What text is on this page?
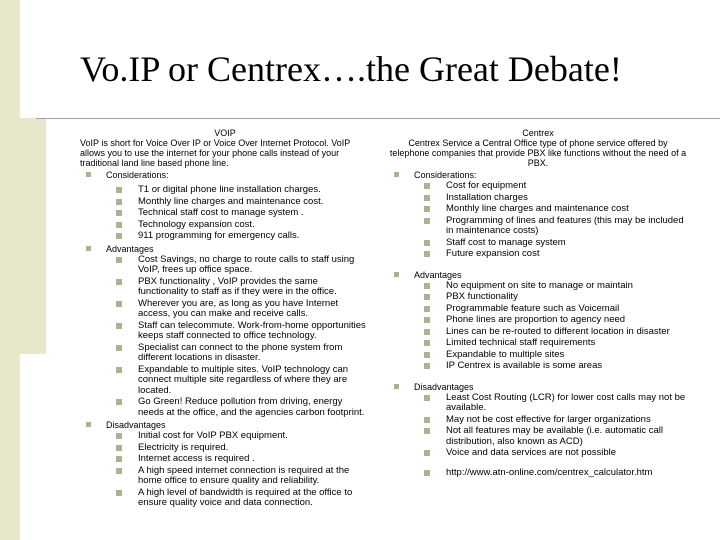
Vo.IP or Centrex….the Great Debate!
VOIP
VoIP is short for Voice Over IP or Voice Over Internet Protocol. VoIP allows you to use the internet for your phone calls instead of your traditional land line based phone line.
Considerations:
T1 or digital phone line installation charges.
Monthly line charges and maintenance cost.
Technical staff cost to manage system .
Technology expansion cost.
911 programming for emergency calls.
Advantages
Cost Savings, no charge to route calls to staff using VoIP, frees up office space.
PBX functionality , VoIP provides the same functionality to staff as if they were in the office.
Wherever you are, as long as you have Internet access, you can make and receive calls.
Staff can telecommute. Work-from-home opportunities keeps staff connected to office technology.
Specialist can connect to the phone system from different locations in disaster.
Expandable to multiple sites. VoIP technology can connect multiple site regardless of where they are located.
Go Green! Reduce pollution from driving, energy needs at the office, and the agencies carbon footprint.
Disadvantages
Initial cost for VoIP PBX equipment.
Electricity is required.
Internet access is required .
A high speed internet connection is required at the home office to ensure quality and reliability.
A high level of bandwidth is required at the office to ensure quality voice and data connection.
Centrex
Centrex Service a Central Office type of phone service offered by telephone companies that provide PBX like functions without the need of a PBX.
Considerations:
Cost for equipment
Installation charges
Monthly line charges and maintenance cost
Programming of lines and features (this may be included in maintenance costs)
Staff cost to manage system
Future expansion cost
Advantages
No equipment on site to manage or maintain
PBX functionality
Programmable feature such as Voicemail
Phone lines are proportion to agency need
Lines can be re-routed to different location in disaster
Limited technical staff requirements
Expandable to multiple sites
IP Centrex is available is some areas
Disadvantages
Least Cost Routing (LCR) for lower cost calls may not be available.
May not be cost effective for larger organizations
Not all features may be available (i.e. automatic call distribution, also known as ACD)
Voice and data services are not possible
http://www.atn-online.com/centrex_calculator.htm
